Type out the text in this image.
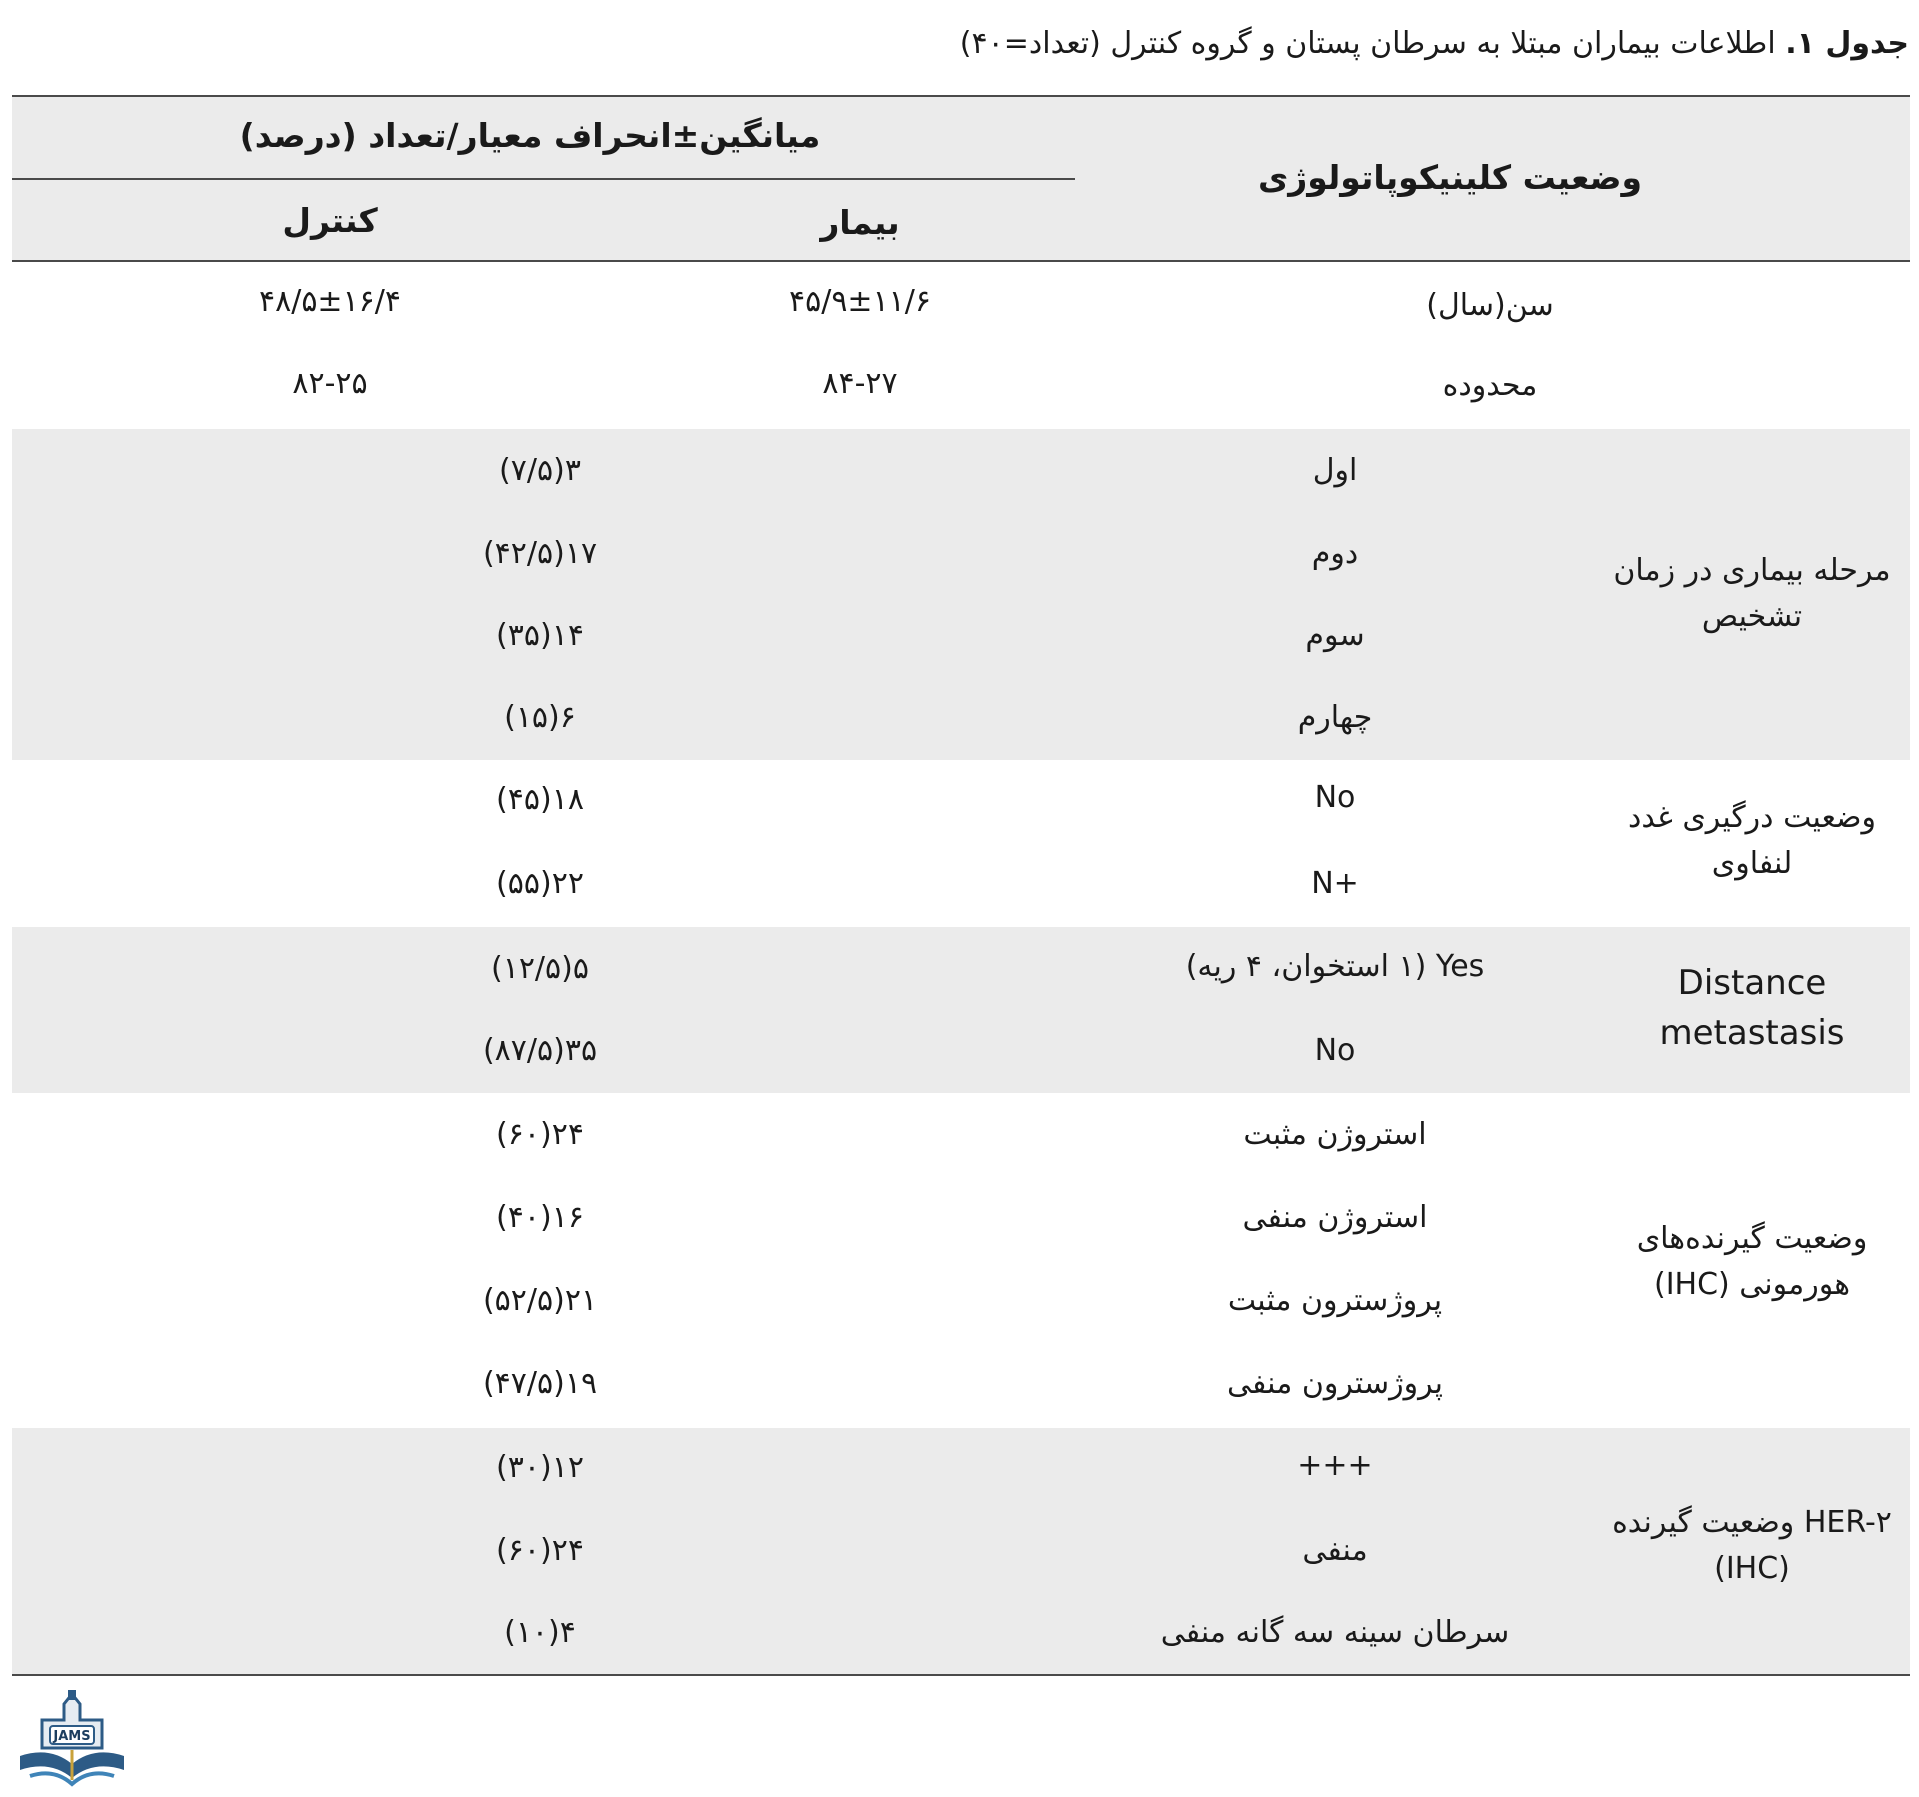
جدول ۱. اطلاعات بیماران مبتلا به سرطان پستان و گروه کنترل (تعداد=۴۰)
وضعیت کلینیکوپاتولوژی
میانگین±انحراف معیار/تعداد (درصد)
بیمار
کنترل
سن(سال)
۴۵/۹±۱۱/۶
۴۸/۵±۱۶/۴
محدوده
۸۴-۲۷
۸۲-۲۵
مرحله بیماری در زمان تشخیص
اول
۳(۷/۵)
دوم
۱۷(۴۲/۵)
سوم
۱۴(۳۵)
چهارم
۶(۱۵)
وضعیت درگیری غدد لنفاوی
No
۱۸(۴۵)
N+
۲۲(۵۵)
Distance metastasis
Yes (۱ استخوان، ۴ ریه)
۵(۱۲/۵)
No
۳۵(۸۷/۵)
وضعیت گیرنده‌های هورمونی (IHC)
استروژن مثبت
۲۴(۶۰)
استروژن منفی
۱۶(۴۰)
پروژسترون مثبت
۲۱(۵۲/۵)
پروژسترون منفی
۱۹(۴۷/۵)
HER-۲ وضعیت گیرنده (IHC)
+++
۱۲(۳۰)
منفی
۲۴(۶۰)
سرطان سینه سه گانه منفی
۴(۱۰)
JAMS
